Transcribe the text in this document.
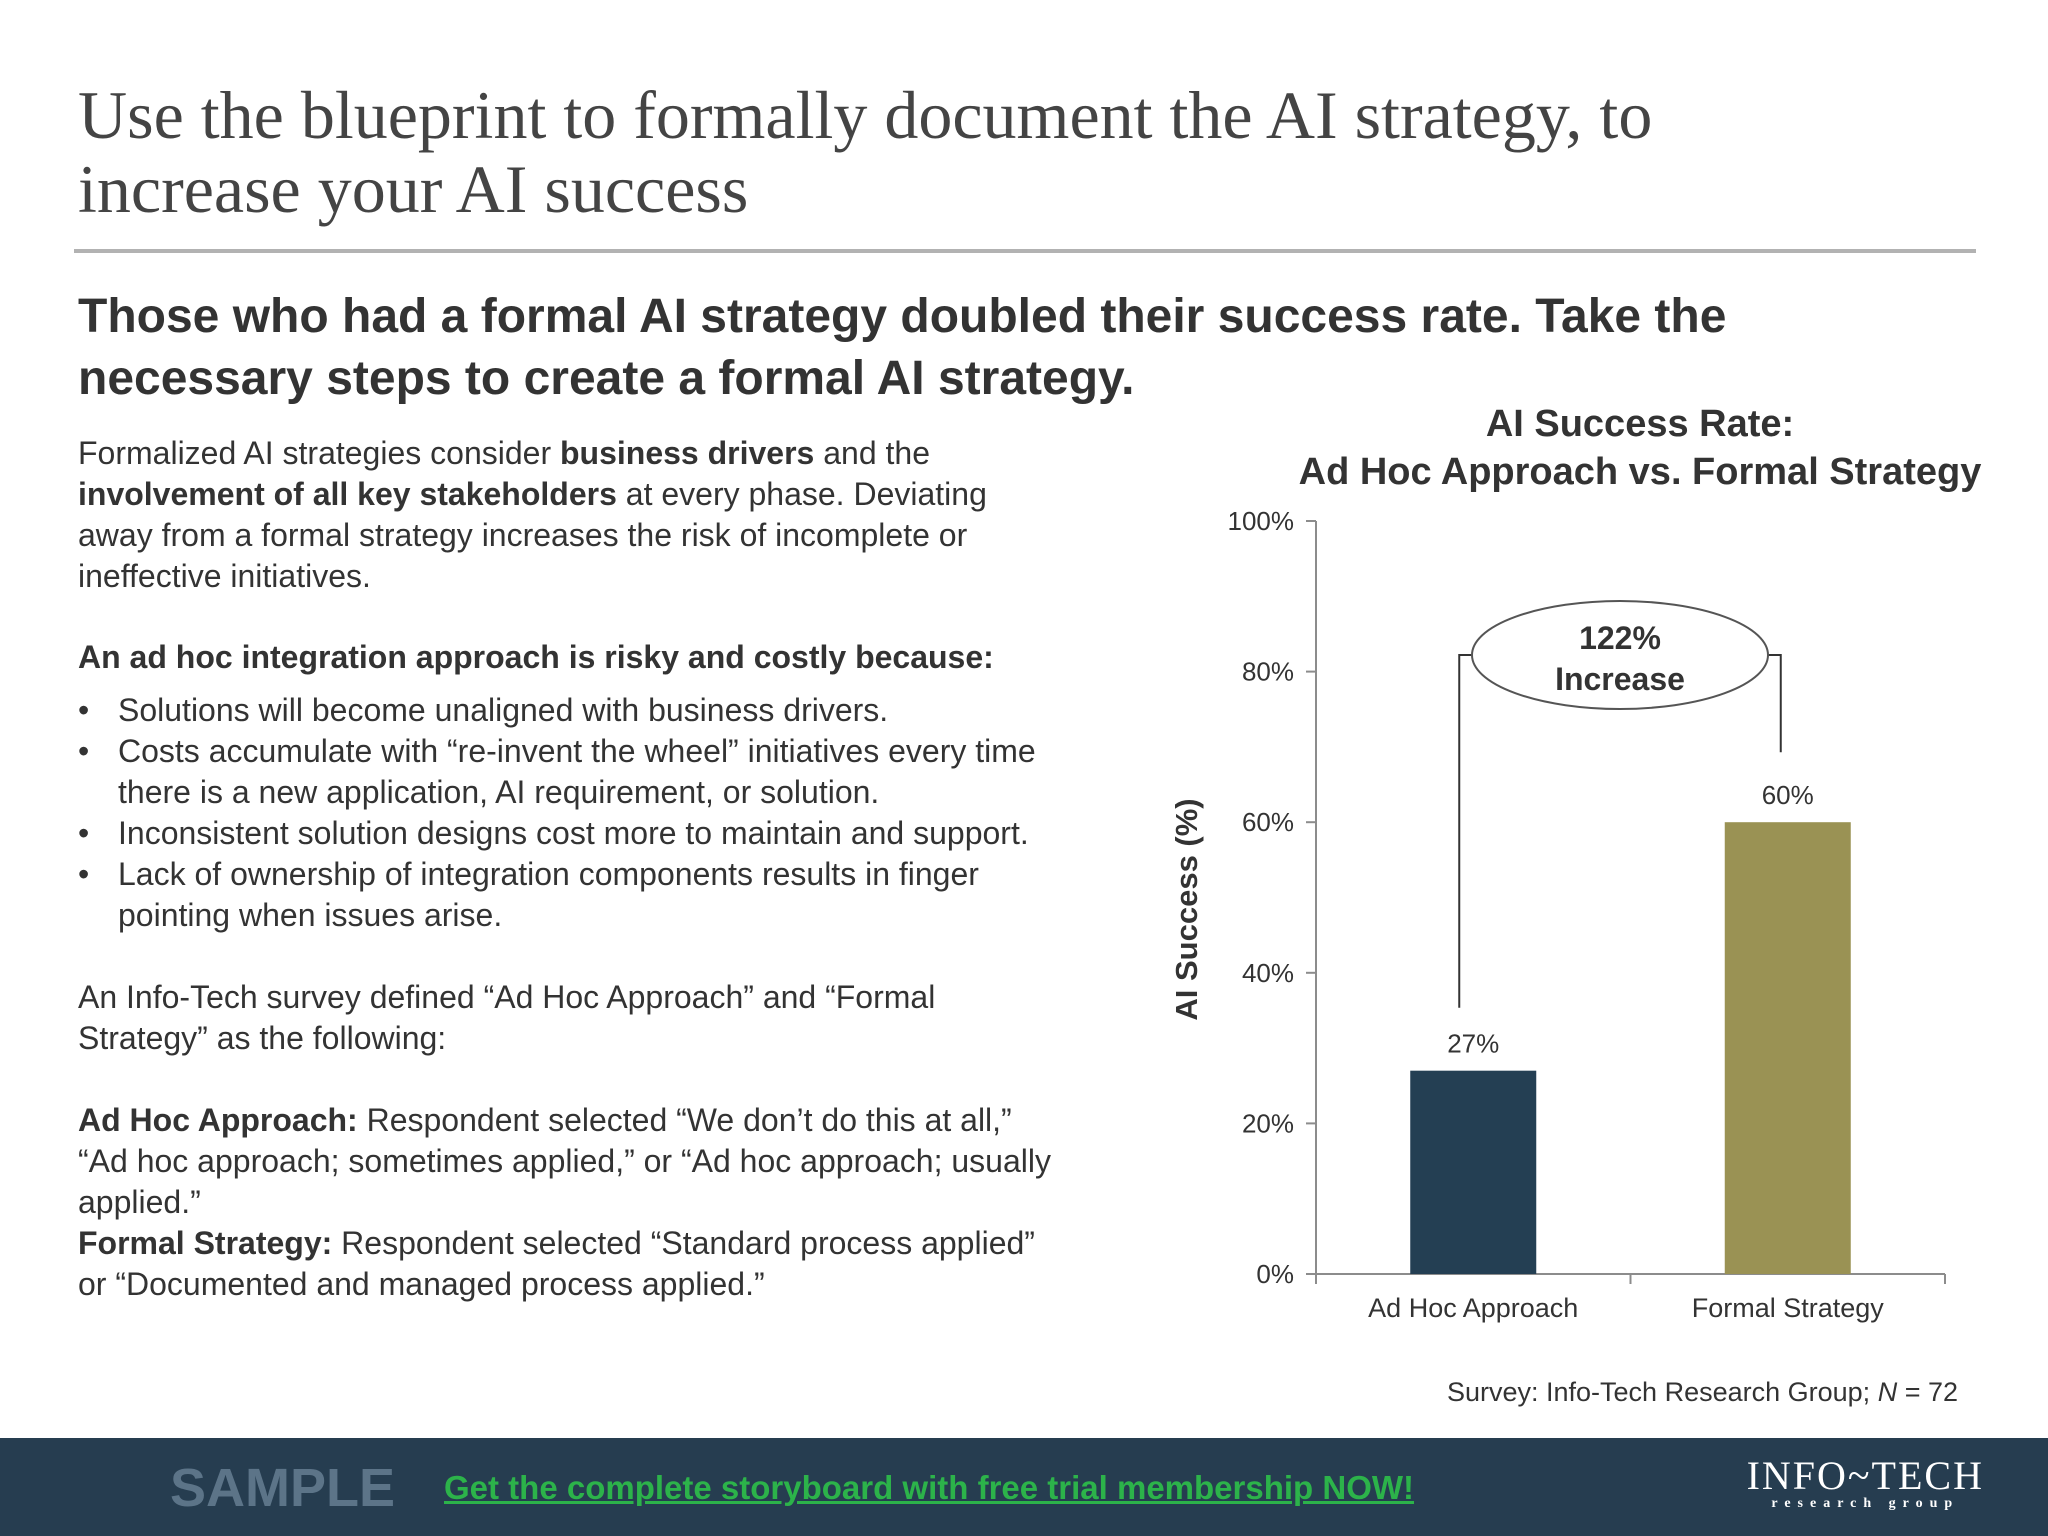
Use the blueprint to formally document the AI strategy, to
increase your AI success
Those who had a formal AI strategy doubled their success rate. Take the
necessary steps to create a formal AI strategy.

Formalized AI strategies consider business drivers and the
involvement of all key stakeholders at every phase. Deviating
away from a formal strategy increases the risk of incomplete or
ineffective initiatives.

An ad hoc integration approach is risky and costly because:

• Solutions will become unaligned with business drivers.
• Costs accumulate with “re-invent the wheel” initiatives every time
there is a new application, AI requirement, or solution.
• Inconsistent solution designs cost more to maintain and support.
• Lack of ownership of integration components results in finger
pointing when issues arise.

An Info-Tech survey defined “Ad Hoc Approach” and “Formal
Strategy” as the following:

Ad Hoc Approach: Respondent selected “We don’t do this at all,”
“Ad hoc approach; sometimes applied,” or “Ad hoc approach; usually
applied.”
Formal Strategy: Respondent selected “Standard process applied”
or “Documented and managed process applied.”

AI Success Rate:
Ad Hoc Approach vs. Formal Strategy
0%
20%
40%
60%
80%
100%
27%
Ad Hoc Approach
60%
Formal Strategy
AI Success (%)
122%
Increase
Survey: Info-Tech Research Group; N = 72
SAMPLE Get the complete storyboard with free trial membership NOW!	INFO~TECH
research group
